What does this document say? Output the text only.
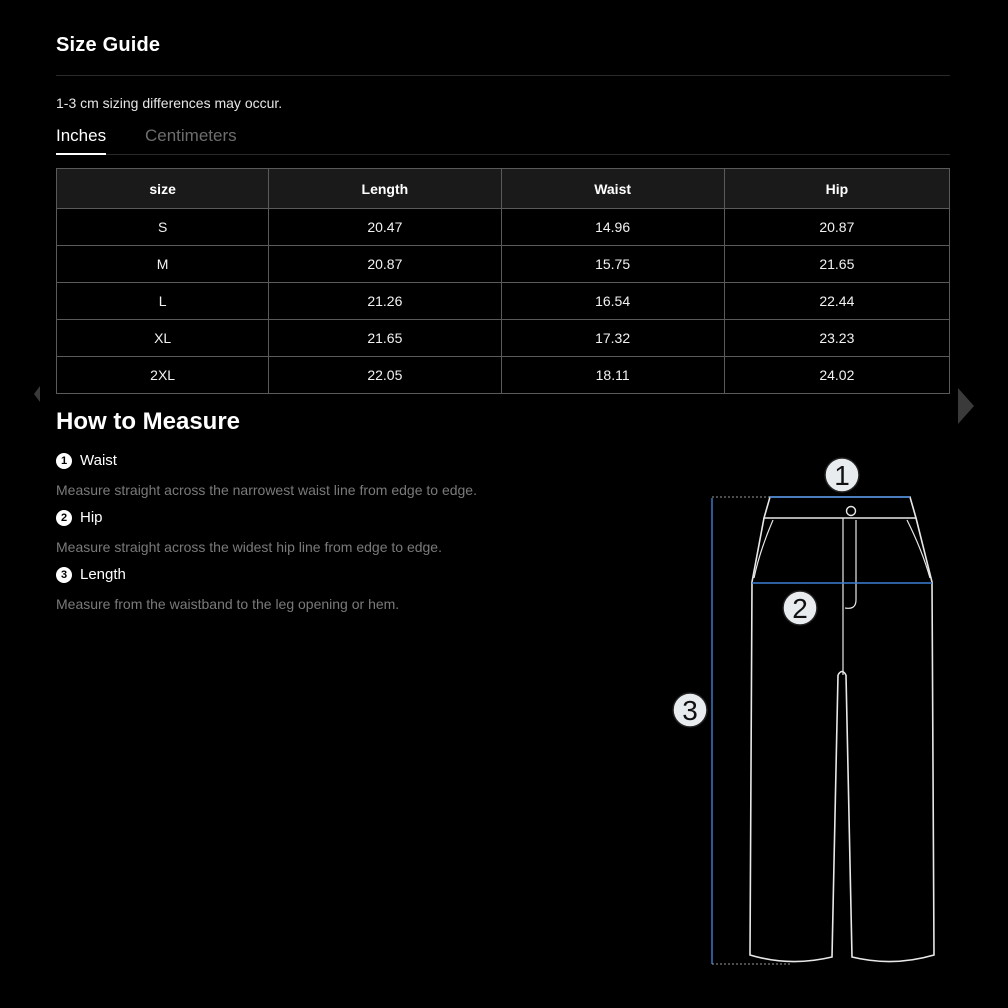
Size Guide
1-3 cm sizing differences may occur.
Inches Centimeters
size	Length	Waist	Hip
S	20.47	14.96	20.87
M	20.87	15.75	21.65
L	21.26	16.54	22.44
XL	21.65	17.32	23.23
2XL	22.05	18.11	24.02
How to Measure
1 Waist
Measure straight across the narrowest waist line from edge to edge.
2 Hip
Measure straight across the widest hip line from edge to edge.
3 Length
Measure from the waistband to the leg opening or hem.
1
2
3
